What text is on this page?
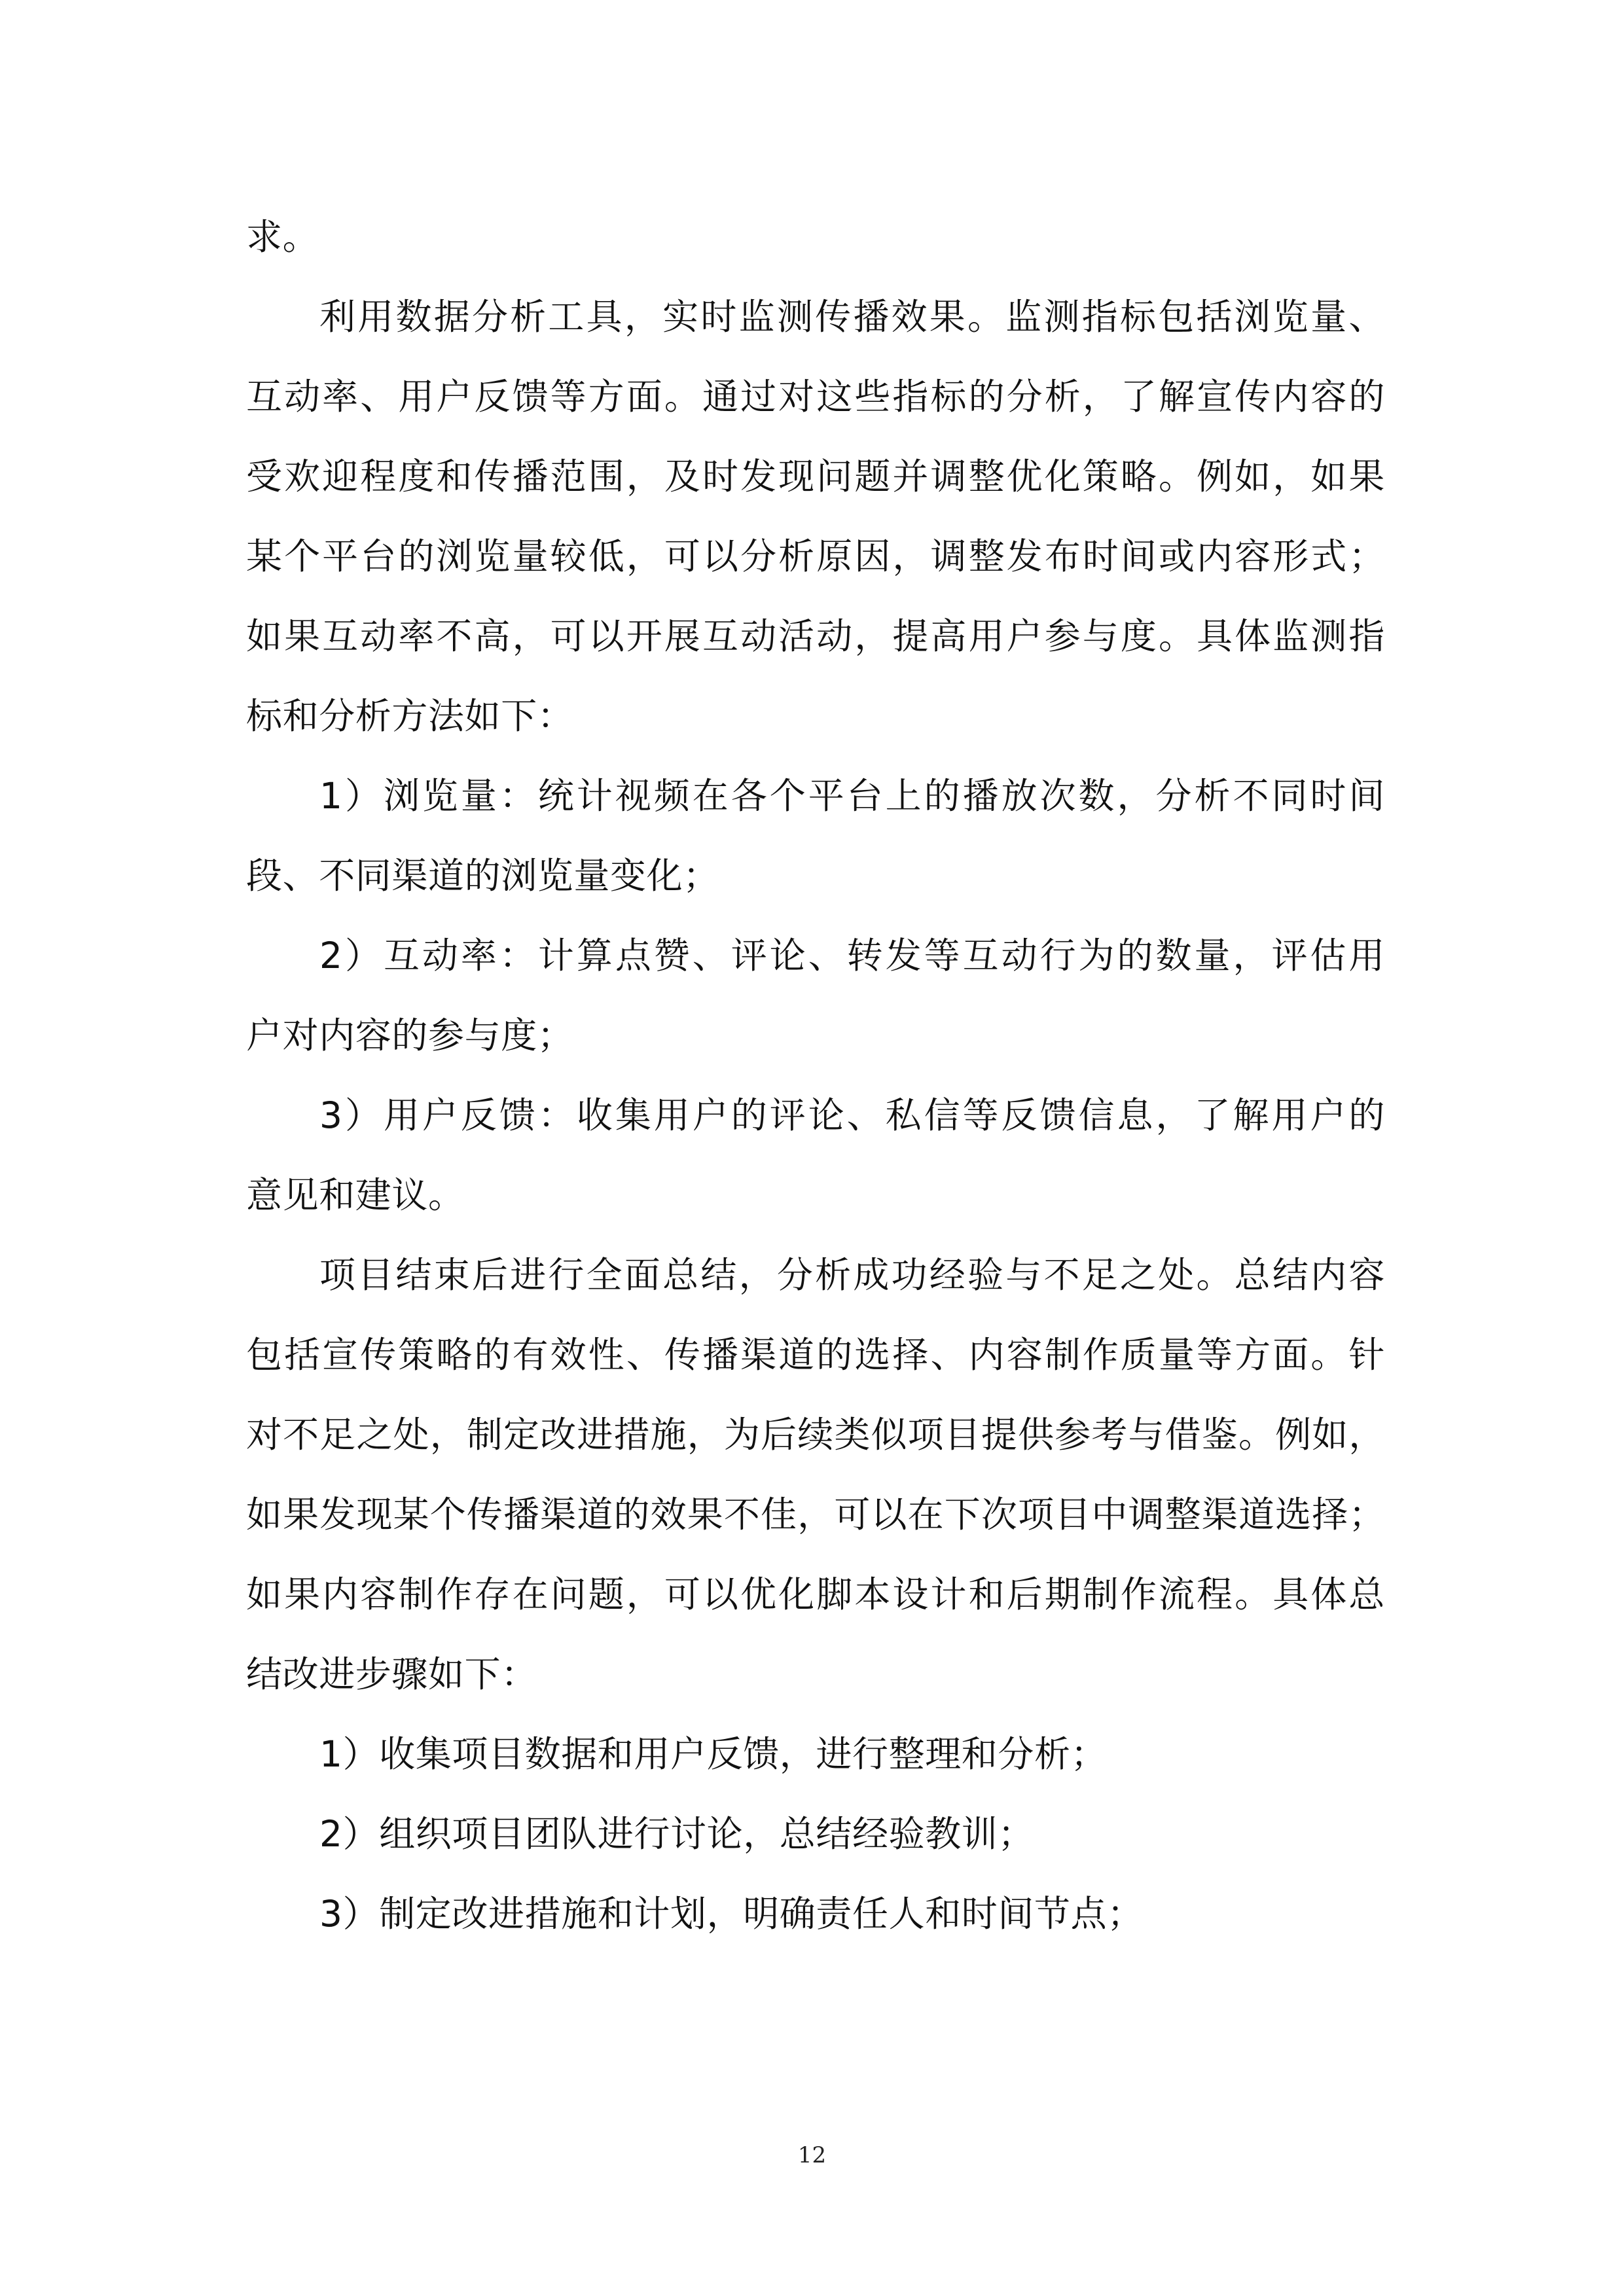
求。
利用数据分析工具，实时监测传播效果。监测指标包括浏览量、
互动率、用户反馈等方面。通过对这些指标的分析，了解宣传内容的
受欢迎程度和传播范围，及时发现问题并调整优化策略。例如，如果
某个平台的浏览量较低，可以分析原因，调整发布时间或内容形式；
如果互动率不高，可以开展互动活动，提高用户参与度。具体监测指
标和分析方法如下：
1）浏览量：统计视频在各个平台上的播放次数，分析不同时间
段、不同渠道的浏览量变化；
2）互动率：计算点赞、评论、转发等互动行为的数量，评估用
户对内容的参与度；
3）用户反馈：收集用户的评论、私信等反馈信息，了解用户的
意见和建议。
项目结束后进行全面总结，分析成功经验与不足之处。总结内容
包括宣传策略的有效性、传播渠道的选择、内容制作质量等方面。针
对不足之处，制定改进措施，为后续类似项目提供参考与借鉴。例如，
如果发现某个传播渠道的效果不佳，可以在下次项目中调整渠道选择；
如果内容制作存在问题，可以优化脚本设计和后期制作流程。具体总
结改进步骤如下：
1）收集项目数据和用户反馈，进行整理和分析；
2）组织项目团队进行讨论，总结经验教训；
3）制定改进措施和计划，明确责任人和时间节点；
12
